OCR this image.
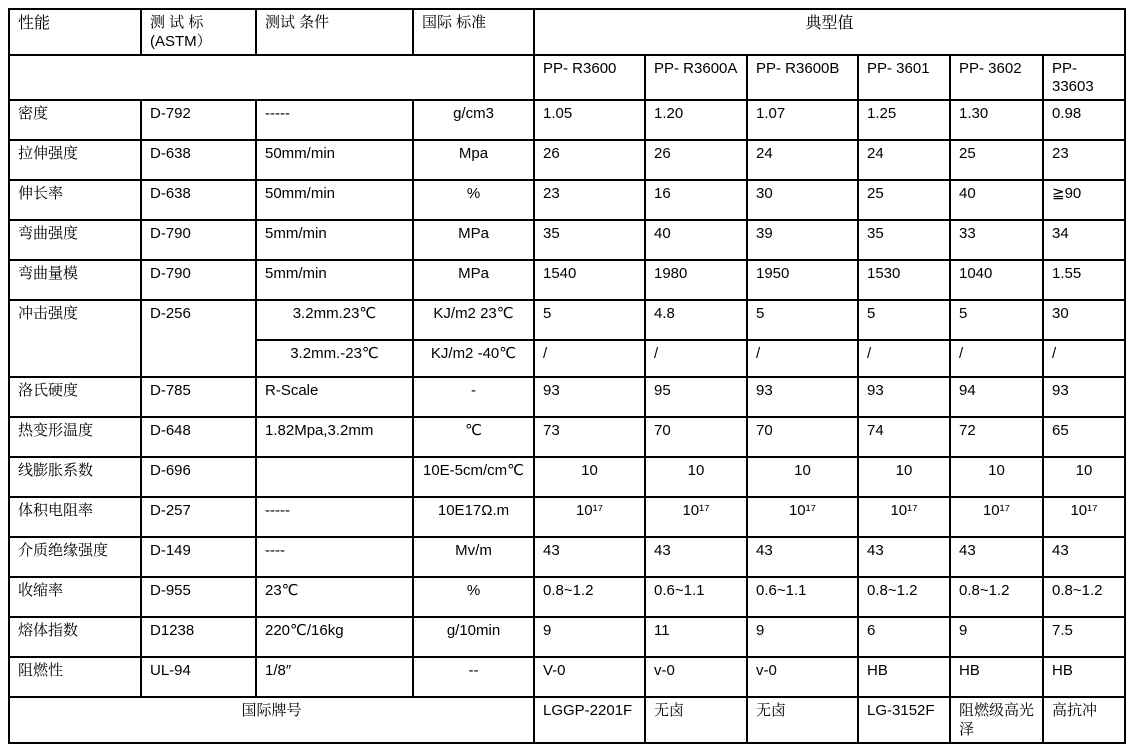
性能	测 试 标 (ASTM）	测试 条件	国际 标准	典型值					
				PP- R3600	PP- R3600A	PP- R3600B	PP- 3601	PP- 3602	PP- 33603
密度	D-792	-----	g/cm3	1.05	1.20	1.07	1.25	1.30	0.98
拉伸强度	D-638	50mm/min	Mpa	26	26	24	24	25	23
伸长率	D-638	50mm/min	%	23	16	30	25	40	≧90
弯曲强度	D-790	5mm/min	MPa	35	40	39	35	33	34
弯曲量模	D-790	5mm/min	MPa	1540	1980	1950	1530	1040	1.55
冲击强度	D-256	3.2mm.23℃	KJ/m2 23℃	5	4.8	5	5	5	30
		3.2mm.-23℃	KJ/m2 -40℃	/	/	/	/	/	/
洛氏硬度	D-785	R-Scale	-	93	95	93	93	94	93
热变形温度	D-648	1.82Mpa,3.2mm	℃	73	70	70	74	72	65
线膨胀系数	D-696		10E-5cm/cm℃	10	10	10	10	10	10
体积电阻率	D-257	-----	10E17Ω.m	10¹⁷	10¹⁷	10¹⁷	10¹⁷	10¹⁷	10¹⁷
介质绝缘强度	D-149	----	Mv/m	43	43	43	43	43	43
收缩率	D-955	23℃	%	0.8~1.2	0.6~1.1	0.6~1.1	0.8~1.2	0.8~1.2	0.8~1.2
熔体指数	D1238	220℃/16kg	g/10min	9	11	9	6	9	7.5
阻燃性	UL-94	1/8″	--	V-0	v-0	v-0	HB	HB	HB
国际牌号				LGGP-2201F	无卤	无卤	LG-3152F	阻燃级高光泽	高抗冲
